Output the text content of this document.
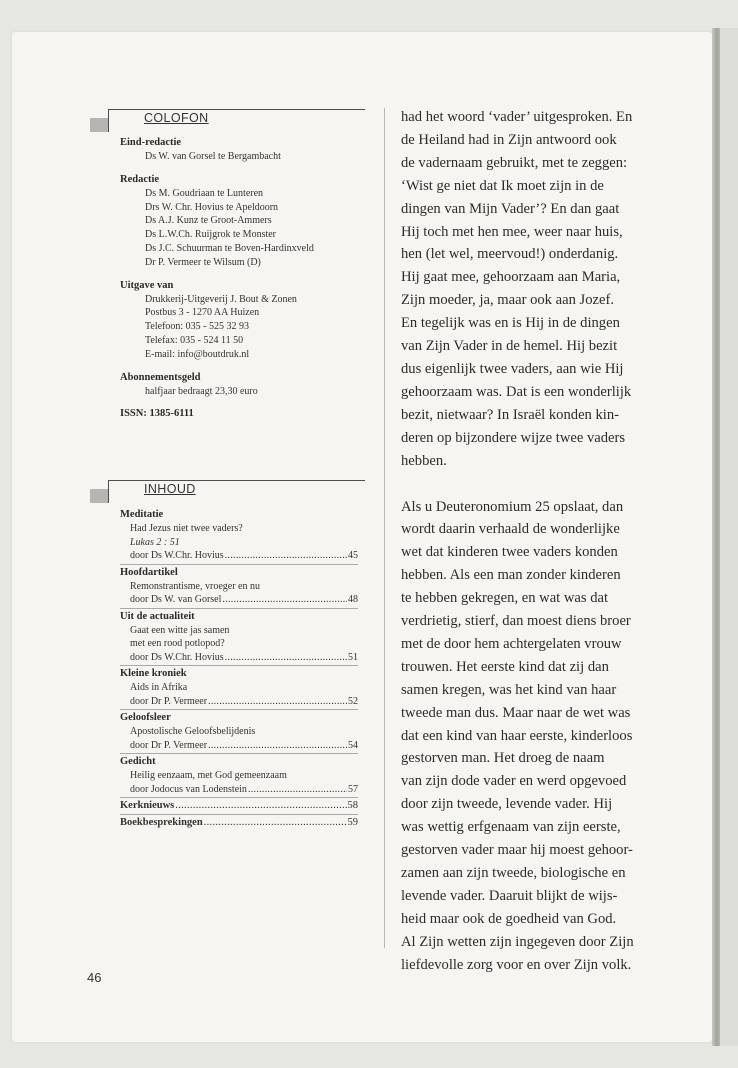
COLOFON
Eind-redactie
Ds W. van Gorsel te Bergambacht
Redactie
Ds M. Goudriaan te Lunteren
Drs W. Chr. Hovius te Apeldoorn
Ds A.J. Kunz te Groot-Ammers
Ds L.W.Ch. Ruijgrok te Monster
Ds J.C. Schuurman te Boven-Hardinxveld
Dr P. Vermeer te Wilsum (D)
Uitgave van
Drukkerij-Uitgeverij J. Bout & Zonen
Postbus 3 - 1270 AA Huizen
Telefoon: 035 - 525 32 93
Telefax: 035 - 524 11 50
E-mail: info@boutdruk.nl
Abonnementsgeld
halfjaar bedraagt 23,30 euro
ISSN: 1385-6111
INHOUD
Meditatie
Had Jezus niet twee vaders?
Lukas 2 : 51
door Ds W.Chr. Hovius .....	45
Hoofdartikel
Remonstrantisme, vroeger en nu
door Ds W. van Gorsel .....	48
Uit de actualiteit
Gaat een witte jas samen
met een rood potlopod?
door Ds W.Chr. Hovius .....	51
Kleine kroniek
Aids in Afrika
door Dr P. Vermeer .....	52
Geloofsleer
Apostolische Geloofsbelijdenis
door Dr P. Vermeer .....	54
Gedicht
Heilig eenzaam, met God gemeenzaam
door Jodocus van Lodenstein .....	57
Kerknieuws .....	58
Boekbesprekingen .....	59

had het woord ‘vader’ uitgesproken. En

de Heiland had in Zijn antwoord ook

de vadernaam gebruikt, met te zeggen:

‘Wist ge niet dat Ik moet zijn in de

dingen van Mijn Vader’? En dan gaat

Hij toch met hen mee, weer naar huis,

hen (let wel, meervoud!) onderdanig.

Hij gaat mee, gehoorzaam aan Maria,

Zijn moeder, ja, maar ook aan Jozef.

En tegelijk was en is Hij in de dingen

van Zijn Vader in de hemel. Hij bezit

dus eigenlijk twee vaders, aan wie Hij

gehoorzaam was. Dat is een wonderlijk

bezit, nietwaar? In Israël konden kin-

deren op bijzondere wijze twee vaders

hebben.

Als u Deuteronomium 25 opslaat, dan

wordt daarin verhaald de wonderlijke

wet dat kinderen twee vaders konden

hebben. Als een man zonder kinderen

te hebben gekregen, en wat was dat

verdrietig, stierf, dan moest diens broer

met de door hem achtergelaten vrouw

trouwen. Het eerste kind dat zij dan

samen kregen, was het kind van haar

tweede man dus. Maar naar de wet was

dat een kind van haar eerste, kinderloos

gestorven man. Het droeg de naam

van zijn dode vader en werd opgevoed

door zijn tweede, levende vader. Hij

was wettig erfgenaam van zijn eerste,

gestorven vader maar hij moest gehoor-

zamen aan zijn tweede, biologische en

levende vader. Daaruit blijkt de wijs-

heid maar ook de goedheid van God.

Al Zijn wetten zijn ingegeven door Zijn

liefdevolle zorg voor en over Zijn volk.

46
